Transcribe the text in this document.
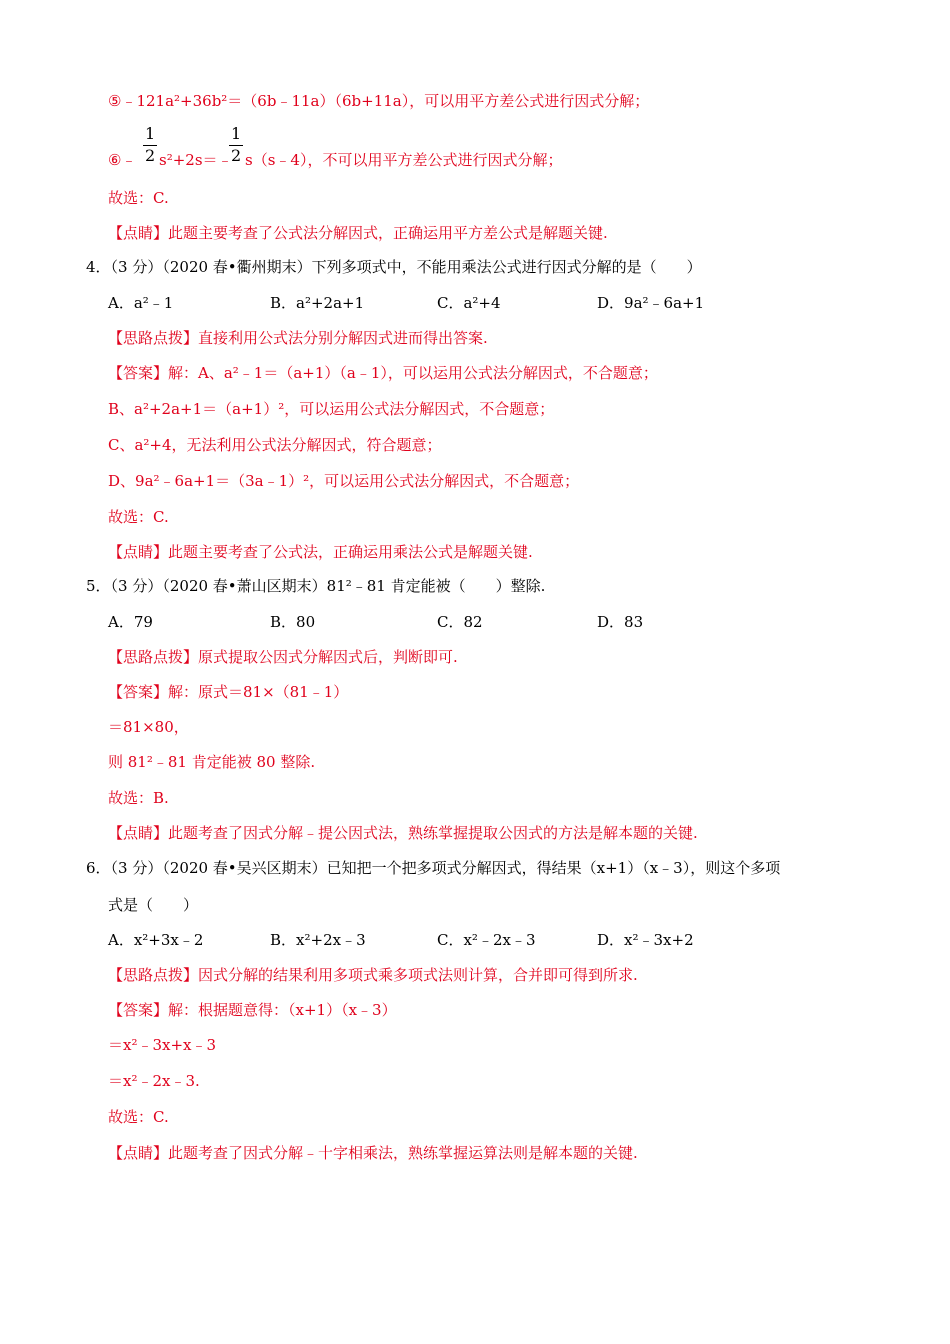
⑤﹣121a²+36b²＝（6b﹣11a）（6b+11a），可以用平方差公式进行因式分解；
1
2
1
2
⑥﹣ s²+2s＝﹣ s（s﹣4），不可以用平方差公式进行因式分解；
故选：C.
【点睛】此题主要考查了公式法分解因式，正确运用平方差公式是解题关键.
4．（3 分）（2020 春•衢州期末）下列多项式中，不能用乘法公式进行因式分解的是（　　）
A．a²﹣1	B．a²+2a+1	C．a²+4	D．9a²﹣6a+1
【思路点拨】直接利用公式法分别分解因式进而得出答案.
【答案】解：A、a²﹣1＝（a+1）（a﹣1），可以运用公式法分解因式，不合题意；
B、a²+2a+1＝（a+1）²，可以运用公式法分解因式，不合题意；
C、a²+4，无法利用公式法分解因式，符合题意；
D、9a²﹣6a+1＝（3a﹣1）²，可以运用公式法分解因式，不合题意；
故选：C.
【点睛】此题主要考查了公式法，正确运用乘法公式是解题关键.
5．（3 分）（2020 春•萧山区期末）81²﹣81 肯定能被（　　）整除.
A．79	B．80	C．82	D．83
【思路点拨】原式提取公因式分解因式后，判断即可.
【答案】解：原式＝81×（81﹣1）
＝81×80，
则 81²﹣81 肯定能被 80 整除.
故选：B.
【点睛】此题考查了因式分解﹣提公因式法，熟练掌握提取公因式的方法是解本题的关键.
6．（3 分）（2020 春•吴兴区期末）已知把一个把多项式分解因式，得结果（x+1）（x﹣3），则这个多项
式是（　　）
A．x²+3x﹣2	B．x²+2x﹣3	C．x²﹣2x﹣3	D．x²﹣3x+2
【思路点拨】因式分解的结果利用多项式乘多项式法则计算，合并即可得到所求.
【答案】解：根据题意得：（x+1）（x﹣3）
＝x²﹣3x+x﹣3
＝x²﹣2x﹣3.
故选：C.
【点睛】此题考查了因式分解﹣十字相乘法，熟练掌握运算法则是解本题的关键.
